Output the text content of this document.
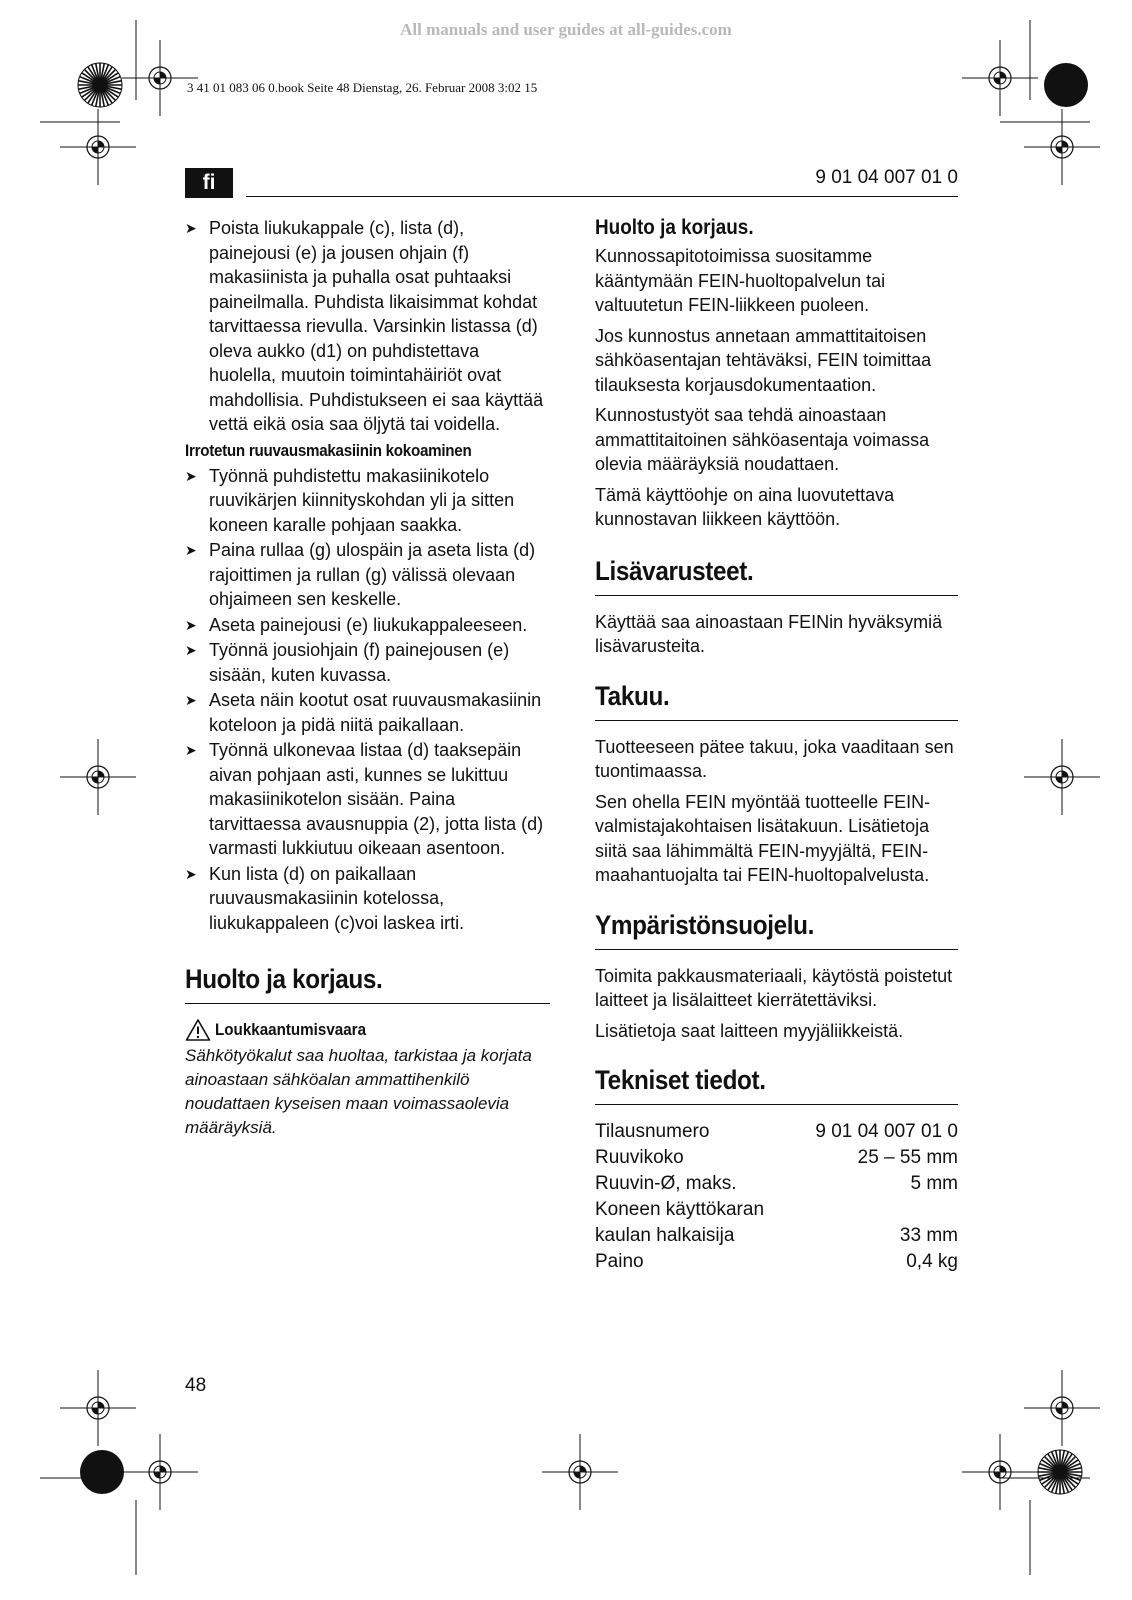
All manuals and user guides at all-guides.com
3 41 01 083 06 0.book Seite 48 Dienstag, 26. Februar 2008 3:02 15
fi	9 01 04 007 01 0
➤ Poista liukukappale (c), lista (d), painejousi (e) ja jousen ohjain (f) makasiinista ja puhalla osat puhtaaksi paineilmalla. Puhdista likaisimmat kohdat tarvittaessa rievulla. Varsinkin listassa (d) oleva aukko (d1) on puhdistettava huolella, muutoin toimintahäiriöt ovat mahdollisia. Puhdistukseen ei saa käyttää vettä eikä osia saa öljytä tai voidella.
Irrotetun ruuvausmakasiinin kokoaminen
➤ Työnnä puhdistettu makasiinikotelo ruuvikärjen kiinnityskohdan yli ja sitten koneen karalle pohjaan saakka.
➤ Paina rullaa (g) ulospäin ja aseta lista (d) rajoittimen ja rullan (g) välissä olevaan ohjaimeen sen keskelle.
➤ Aseta painejousi (e) liukukappaleeseen.
➤ Työnnä jousiohjain (f) painejousen (e) sisään, kuten kuvassa.
➤ Aseta näin kootut osat ruuvausmakasiinin koteloon ja pidä niitä paikallaan.
➤ Työnnä ulkonevaa listaa (d) taaksepäin aivan pohjaan asti, kunnes se lukittuu makasiinikotelon sisään. Paina tarvittaessa avausnuppia (2), jotta lista (d) varmasti lukkiutuu oikeaan asentoon.
➤ Kun lista (d) on paikallaan ruuvausmakasiinin kotelossa, liukukappaleen (c)voi laskea irti.
Huolto ja korjaus.
Loukkaantumisvaara
Sähkötyökalut saa huoltaa, tarkistaa ja korjata ainoastaan sähköalan ammattihenkilö noudattaen kyseisen maan voimassaolevia määräyksiä.
Huolto ja korjaus.

Kunnossapitotoimissa suositamme kääntymään FEIN-huoltopalvelun tai valtuutetun FEIN-liikkeen puoleen.

Jos kunnostus annetaan ammattitaitoisen sähköasentajan tehtäväksi, FEIN toimittaa tilauksesta korjausdokumentaation.

Kunnostustyöt saa tehdä ainoastaan ammattitaitoinen sähköasentaja voimassa olevia määräyksiä noudattaen.

Tämä käyttöohje on aina luovutettava kunnostavan liikkeen käyttöön.

Lisävarusteet.

Käyttää saa ainoastaan FEINin hyväksymiä lisävarusteita.

Takuu.

Tuotteeseen pätee takuu, joka vaaditaan sen tuontimaassa.

Sen ohella FEIN myöntää tuotteelle FEIN-valmistajakohtaisen lisätakuun. Lisätietoja siitä saa lähimmältä FEIN-myyjältä, FEIN-maahantuojalta tai FEIN-huoltopalvelusta.

Ympäristönsuojelu.

Toimita pakkausmateriaali, käytöstä poistetut laitteet ja lisälaitteet kierrätettäviksi.

Lisätietoja saat laitteen myyjäliikkeistä.

Tekniset tiedot.
Tilausnumero	9 01 04 007 01 0
Ruuvikoko	25 – 55 mm
Ruuvin-Ø, maks.	5 mm
Koneen käyttökaran
kaulan halkaisija	33 mm
Paino	0,4 kg
48
